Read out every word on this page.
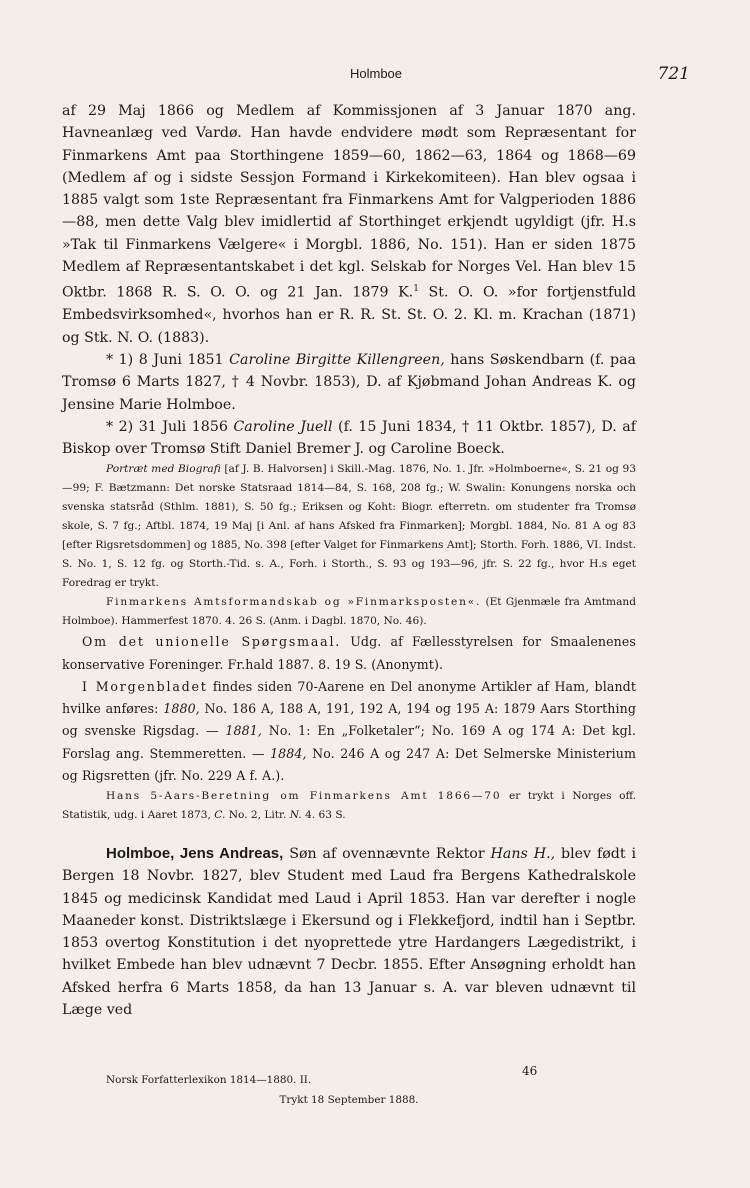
Holmboe	721

af 29 Maj 1866 og Medlem af Kommissjonen af 3 Januar 1870 ang. Havneanlæg ved Vardø. Han havde endvidere mødt som Repræsentant for Finmarkens Amt paa Storthingene 1859—60, 1862—63, 1864 og 1868—69 (Medlem af og i sidste Sessjon Formand i Kirkekomiteen). Han blev ogsaa i 1885 valgt som 1ste Repræsentant fra Finmarkens Amt for Valgperioden 1886—88, men dette Valg blev imidlertid af Storthinget erkjendt ugyldigt (jfr. H.s »Tak til Finmarkens Vælgere« i Morgbl. 1886, No. 151). Han er siden 1875 Medlem af Repræsentantskabet i det kgl. Selskab for Norges Vel. Han blev 15 Oktbr. 1868 R. S. O. O. og 21 Jan. 1879 K.$^1$ St. O. O. »for fortjenstfuld Embedsvirksomhed«, hvorhos han er R. R. St. St. O. 2. Kl. m. Krachan (1871) og Stk. N. O. (1883).

* 1) 8 Juni 1851 Caroline Birgitte Killengreen, hans Søskendbarn (f. paa Tromsø 6 Marts 1827, † 4 Novbr. 1853), D. af Kjøbmand Johan Andreas K. og Jensine Marie Holmboe.

* 2) 31 Juli 1856 Caroline Juell (f. 15 Juni 1834, † 11 Oktbr. 1857), D. af Biskop over Tromsø Stift Daniel Bremer J. og Caroline Boeck.

Portræt med Biografi [af J. B. Halvorsen] i Skill.-Mag. 1876, No. 1. Jfr. »Holmboerne«, S. 21 og 93—99; F. Bætzmann: Det norske Statsraad 1814—84, S. 168, 208 fg.; W. Swalin: Konungens norska och svenska statsråd (Sthlm. 1881), S. 50 fg.; Eriksen og Koht: Biogr. efterretn. om studenter fra Tromsø skole, S. 7 fg.; Aftbl. 1874, 19 Maj [i Anl. af hans Afsked fra Finmarken]; Morgbl. 1884, No. 81 A og 83 [efter Rigsretsdommen] og 1885, No. 398 [efter Valget for Finmarkens Amt]; Storth. Forh. 1886, VI. Indst. S. No. 1, S. 12 fg. og Storth.-Tid. s. A., Forh. i Storth., S. 93 og 193—96, jfr. S. 22 fg., hvor H.s eget Foredrag er trykt.

Finmarkens Amtsformandskab og »Finmarksposten«. (Et Gjenmæle fra Amtmand Holmboe). Hammerfest 1870. 4. 26 S. (Anm. i Dagbl. 1870, No. 46).

Om det unionelle Spørgsmaal. Udg. af Fællesstyrelsen for Smaalenenes konservative Foreninger. Fr.hald 1887. 8. 19 S. (Anonymt).

I Morgenbladet findes siden 70-Aarene en Del anonyme Artikler af Ham, blandt hvilke anføres: 1880, No. 186 A, 188 A, 191, 192 A, 194 og 195 A: 1879 Aars Storthing og svenske Rigsdag. — 1881, No. 1: En „Folketaler“; No. 169 A og 174 A: Det kgl. Forslag ang. Stemmeretten. — 1884, No. 246 A og 247 A: Det Selmerske Ministerium og Rigsretten (jfr. No. 229 A f. A.).

Hans 5-Aars-Beretning om Finmarkens Amt 1866—70 er trykt i Norges off. Statistik, udg. i Aaret 1873, C. No. 2, Litr. N. 4. 63 S.

Holmboe, Jens Andreas, Søn af ovennævnte Rektor Hans H., blev født i Bergen 18 Novbr. 1827, blev Student med Laud fra Bergens Kathedralskole 1845 og medicinsk Kandidat med Laud i April 1853. Han var derefter i nogle Maaneder konst. Distriktslæge i Ekersund og i Flekkefjord, indtil han i Septbr. 1853 overtog Konstitution i det nyoprettede ytre Hardangers Lægedistrikt, i hvilket Embede han blev udnævnt 7 Decbr. 1855. Efter Ansøgning erholdt han Afsked herfra 6 Marts 1858, da han 13 Januar s. A. var bleven udnævnt til Læge ved

Norsk Forfatterlexikon 1814—1880. II.
46
Trykt 18 September 1888.
